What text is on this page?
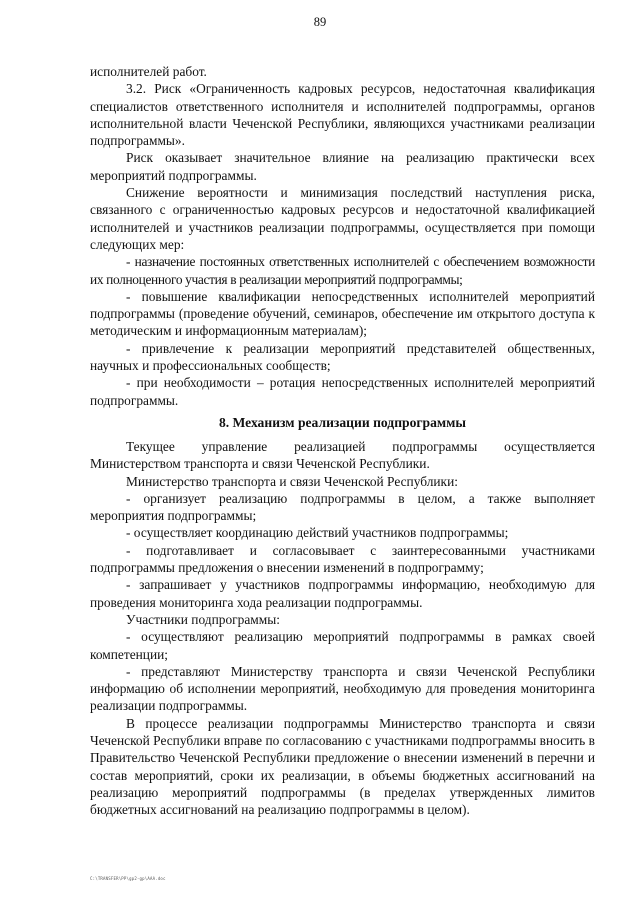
89

исполнителей работ.

3.2. Риск «Ограниченность кадровых ресурсов, недостаточная квалификация специалистов ответственного исполнителя и исполнителей подпрограммы, органов исполнительной власти Чеченской Республики, являющихся участниками реализации подпрограммы».

Риск оказывает значительное влияние на реализацию практически всех мероприятий подпрограммы.

Снижение вероятности и минимизация последствий наступления риска, связанного с ограниченностью кадровых ресурсов и недостаточной квалификацией исполнителей и участников реализации подпрограммы, осуществляется при помощи следующих мер:

- назначение постоянных ответственных исполнителей с обеспечением возможности их полноценного участия в реализации мероприятий подпрограммы;

- повышение квалификации непосредственных исполнителей мероприятий подпрограммы (проведение обучений, семинаров, обеспечение им открытого доступа к методическим и информационным материалам);

- привлечение к реализации мероприятий представителей общественных, научных и профессиональных сообществ;

- при необходимости – ротация непосредственных исполнителей мероприятий подпрограммы.

8. Механизм реализации подпрограммы

Текущее управление реализацией подпрограммы осуществляется Министерством транспорта и связи Чеченской Республики.

Министерство транспорта и связи Чеченской Республики:

- организует реализацию подпрограммы в целом, а также выполняет мероприятия подпрограммы;

- осуществляет координацию действий участников подпрограммы;

- подготавливает и согласовывает с заинтересованными участниками подпрограммы предложения о внесении изменений в подпрограмму;

- запрашивает у участников подпрограммы информацию, необходимую для проведения мониторинга хода реализации подпрограммы.

Участники подпрограммы:

- осуществляют реализацию мероприятий подпрограммы в рамках своей компетенции;

- представляют Министерству транспорта и связи Чеченской Республики информацию об исполнении мероприятий, необходимую для проведения мониторинга реализации подпрограммы.

В процессе реализации подпрограммы Министерство транспорта и связи Чеченской Республики вправе по согласованию с участниками подпрограммы вносить в Правительство Чеченской Республики предложение о внесении изменений в перечни и состав мероприятий, сроки их реализации, в объемы бюджетных ассигнований на реализацию мероприятий подпрограммы (в пределах утвержденных лимитов бюджетных ассигнований на реализацию подпрограммы в целом).

C:\TRANSFER\PP\gp2-gp\AAA.doc
